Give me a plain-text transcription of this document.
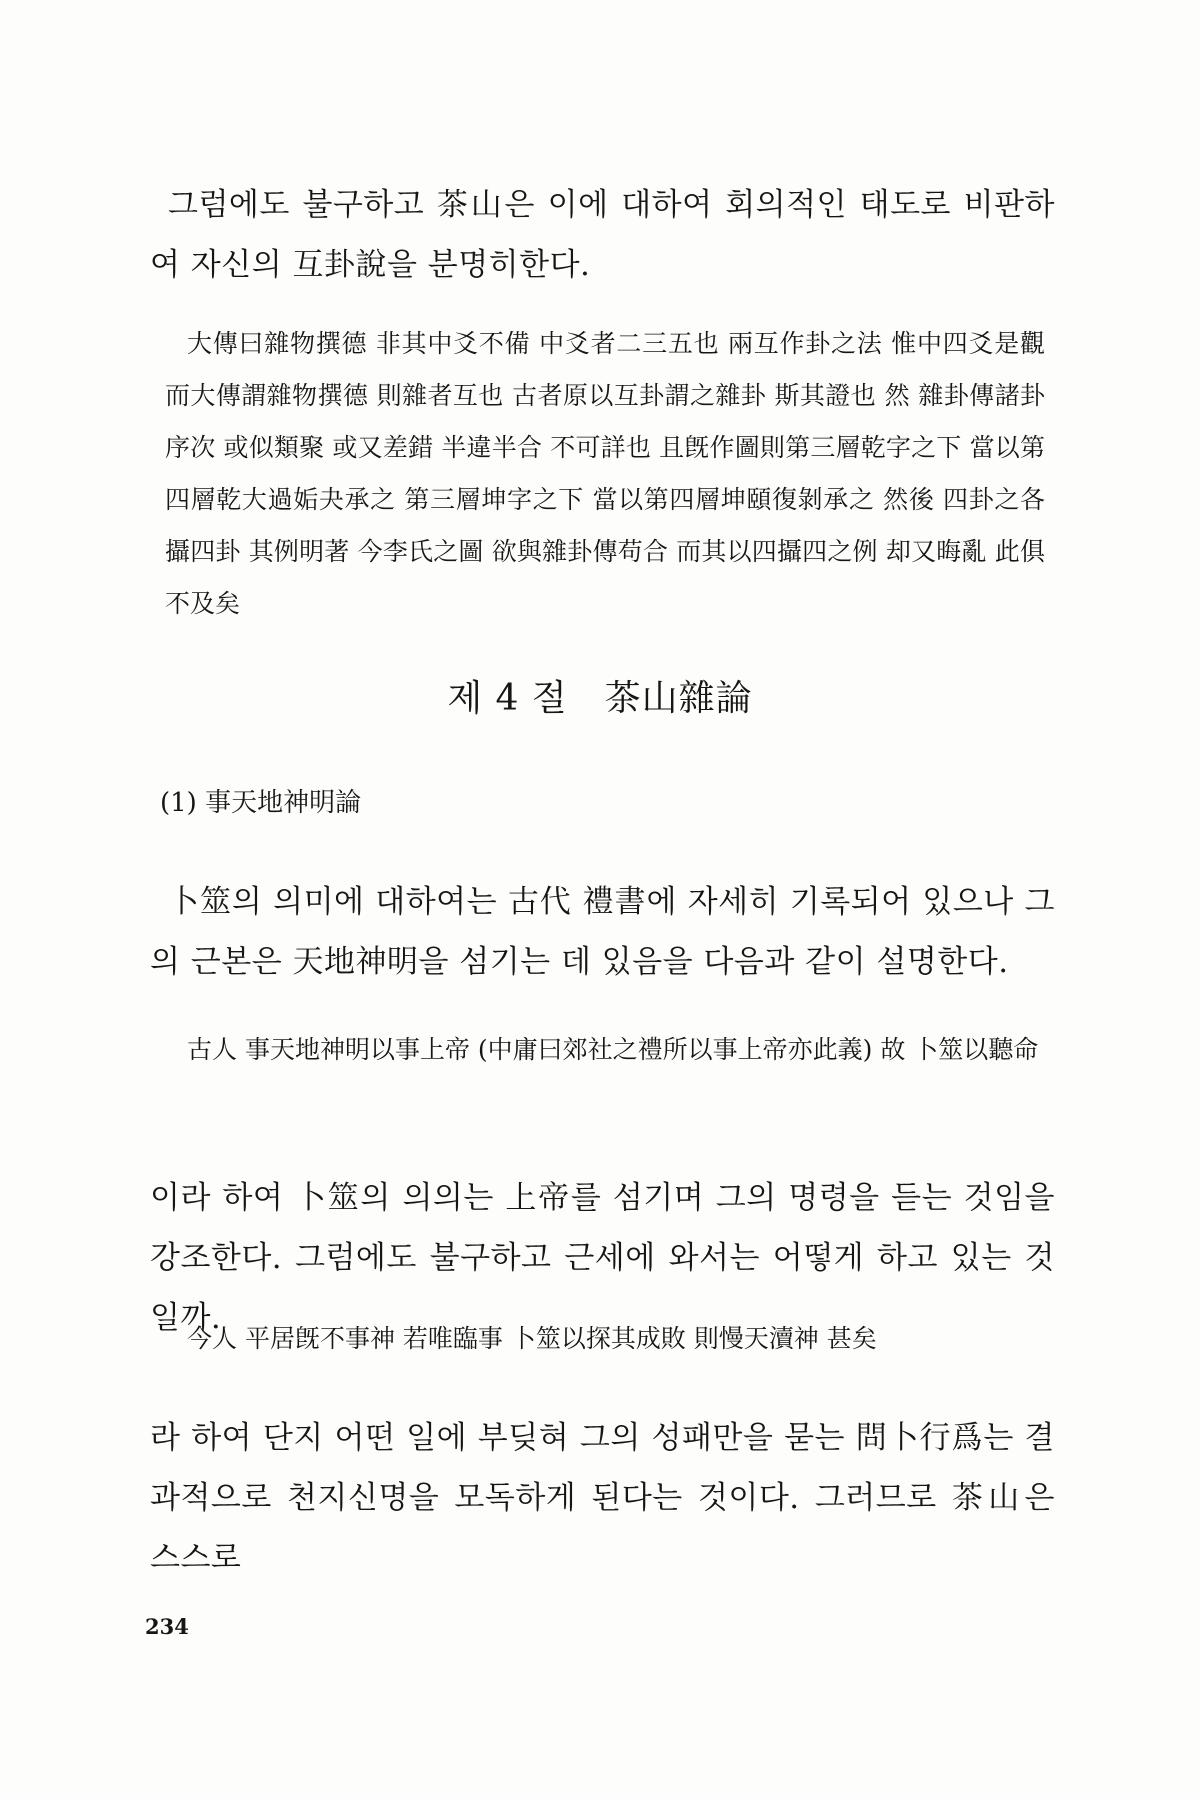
그럼에도 불구하고 茶山은 이에 대하여 회의적인 태도로 비판하여 자신의 互卦說을 분명히한다.

大傳曰雜物撰德 非其中爻不備 中爻者二三五也 兩互作卦之法 惟中四爻是觀 而大傳謂雜物撰德 則雜者互也 古者原以互卦謂之雜卦 斯其證也 然 雜卦傳諸卦序次 或似類聚 或又差錯 半違半合 不可詳也 且旣作圖則第三層乾字之下 當以第四層乾大過姤夬承之 第三層坤字之下 當以第四層坤頤復剝承之 然後 四卦之各攝四卦 其例明著 今李氏之圖 欲與雜卦傳苟合 而其以四攝四之例 却又晦亂 此俱不及矣

제 4 절　茶山雜論

(1) 事天地神明論

卜筮의 의미에 대하여는 古代 禮書에 자세히 기록되어 있으나 그의 근본은 天地神明을 섬기는 데 있음을 다음과 같이 설명한다.

古人 事天地神明以事上帝 (中庸曰郊社之禮所以事上帝亦此義) 故 卜筮以聽命

이라 하여 卜筮의 의의는 上帝를 섬기며 그의 명령을 듣는 것임을 강조한다. 그럼에도 불구하고 근세에 와서는 어떻게 하고 있는 것일까.

今人 平居旣不事神 若唯臨事 卜筮以探其成敗 則慢天瀆神 甚矣

라 하여 단지 어떤 일에 부딪혀 그의 성패만을 묻는 問卜行爲는 결과적으로 천지신명을 모독하게 된다는 것이다. 그러므로 茶山은 스스로

234
